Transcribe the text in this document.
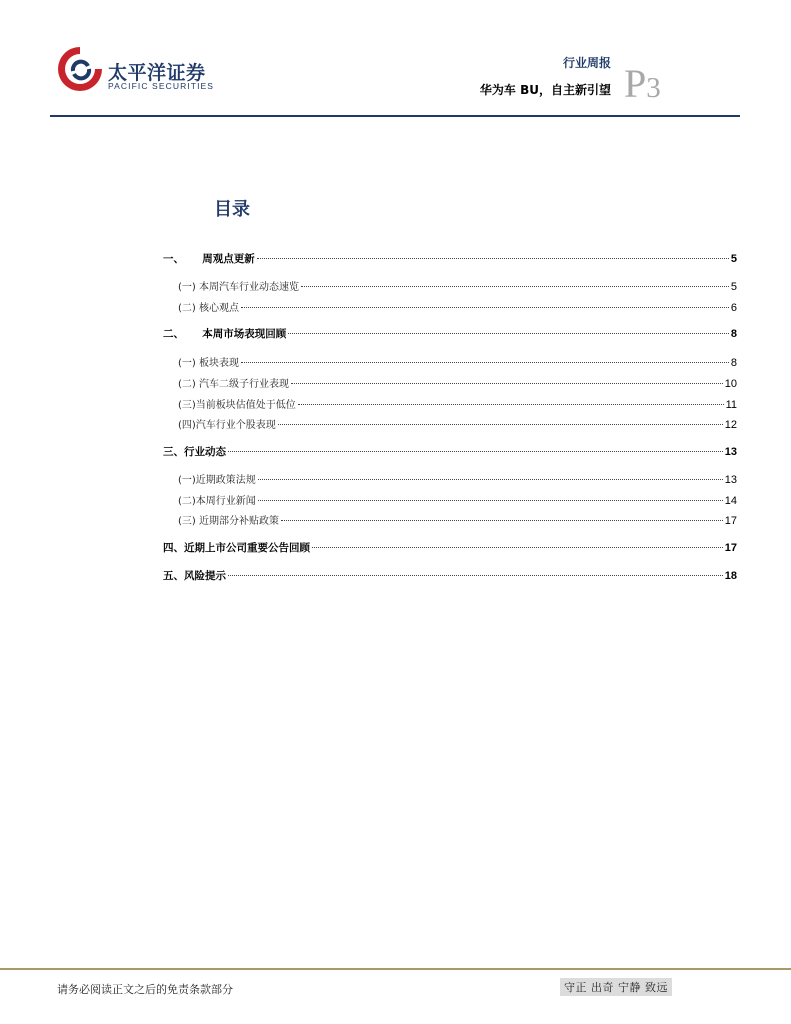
太平洋证券
PACIFIC SECURITIES
行业周报
华为车 BU，自主新引望 P3
目录
一、     周观点更新	5
(一) 本周汽车行业动态速览	5
(二) 核心观点	6
二、     本周市场表现回顾	8
(一) 板块表现	8
(二) 汽车二级子行业表现	10
(三)当前板块估值处于低位	11
(四)汽车行业个股表现	12
三、行业动态	13
(一)近期政策法规	13
(二)本周行业新闻	14
(三) 近期部分补贴政策	17
四、近期上市公司重要公告回顾	17
五、风险提示	18
请务必阅读正文之后的免责条款部分	守正 出奇 宁静 致远
